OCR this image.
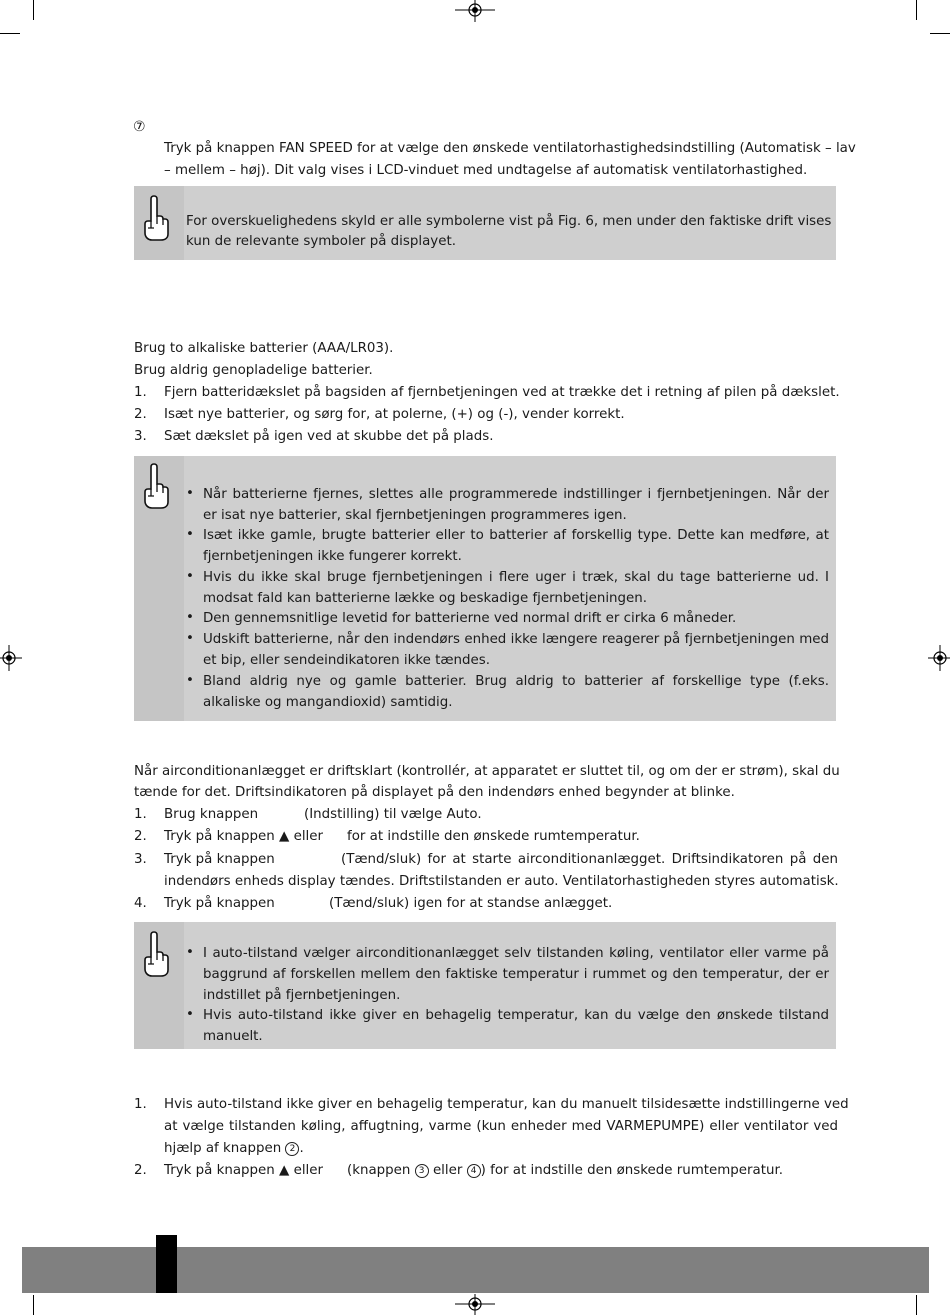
⑦
Tryk på knappen FAN SPEED for at vælge den ønskede ventilatorhastighedsindstilling (Automatisk – lav
– mellem – høj). Dit valg vises i LCD-vinduet med undtagelse af automatisk ventilatorhastighed.
For overskuelighedens skyld er alle symbolerne vist på Fig. 6, men under den faktiske drift vises
kun de relevante symboler på displayet.
Brug to alkaliske batterier (AAA/LR03).
Brug aldrig genopladelige batterier.
1. Fjern batteridækslet på bagsiden af fjernbetjeningen ved at trække det i retning af pilen på dækslet.
2. Isæt nye batterier, og sørg for, at polerne, (+) og (-), vender korrekt.
3. Sæt dækslet på igen ved at skubbe det på plads.
• Når batterierne fjernes, slettes alle programmerede indstillinger i fjernbetjeningen. Når der er isat nye batterier, skal fjernbetjeningen programmeres igen.
• Isæt ikke gamle, brugte batterier eller to batterier af forskellig type. Dette kan medføre, at fjernbetjeningen ikke fungerer korrekt.
• Hvis du ikke skal bruge fjernbetjeningen i flere uger i træk, skal du tage batterierne ud. I modsat fald kan batterierne lække og beskadige fjernbetjeningen.
• Den gennemsnitlige levetid for batterierne ved normal drift er cirka 6 måneder.
• Udskift batterierne, når den indendørs enhed ikke længere reagerer på fjernbetjeningen med et bip, eller sendeindikatoren ikke tændes.
• Bland aldrig nye og gamle batterier. Brug aldrig to batterier af forskellige type (f.eks. alkaliske og mangandioxid) samtidig.
Når airconditionanlægget er driftsklart (kontrollér, at apparatet er sluttet til, og om der er strøm), skal du
tænde for det. Driftsindikatoren på displayet på den indendørs enhed begynder at blinke.
1. Brug knappen	(Indstilling) til vælge Auto.
2. Tryk på knappen ▲ eller for at indstille den ønskede rumtemperatur.
3. Tryk på knappen	(Tænd/sluk) for at starte airconditionanlægget. Driftsindikatoren på den
indendørs enheds display tændes. Driftstilstanden er auto. Ventilatorhastigheden styres automatisk.
4. Tryk på knappen	(Tænd/sluk) igen for at standse anlægget.
• I auto-tilstand vælger airconditionanlægget selv tilstanden køling, ventilator eller varme på baggrund af forskellen mellem den faktiske temperatur i rummet og den temperatur, der er indstillet på fjernbetjeningen.
• Hvis auto-tilstand ikke giver en behagelig temperatur, kan du vælge den ønskede tilstand manuelt.
1. Hvis auto-tilstand ikke giver en behagelig temperatur, kan du manuelt tilsidesætte indstillingerne ved
at vælge tilstanden køling, affugtning, varme (kun enheder med VARMEPUMPE) eller ventilator ved
hjælp af knappen 2 .
2. Tryk på knappen ▲ eller (knappen 3 eller 4 ) for at indstille den ønskede rumtemperatur.
